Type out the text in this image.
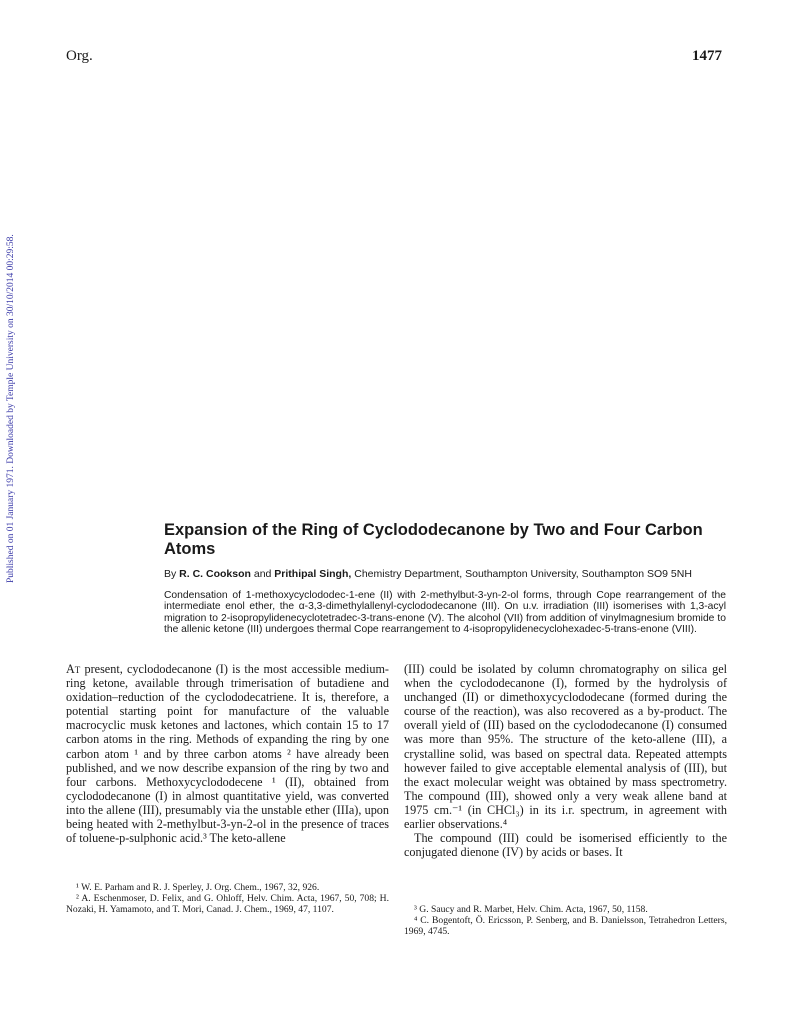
Org.	1477
Published on 01 January 1971. Downloaded by Temple University on 30/10/2014 00:29:58.	Expansion of the Ring of Cyclododecanone by Two and Four Carbon Atoms
By R. C. Cookson and Prithipal Singh, Chemistry Department, Southampton University, Southampton SO9 5NH
Condensation of 1-methoxycyclododec-1-ene (II) with 2-methylbut-3-yn-2-ol forms, through Cope rearrangement of the intermediate enol ether, the α-3,3-dimethylallenyl-cyclododecanone (III). On u.v. irradiation (III) isomerises with 1,3-acyl migration to 2-isopropylidenecyclotetradec-3-trans-enone (V). The alcohol (VII) from addition of vinylmagnesium bromide to the allenic ketone (III) undergoes thermal Cope rearrangement to 4-isopropylidenecyclohexadec-5-trans-enone (VIII).

At present, cyclododecanone (I) is the most accessible medium-ring ketone, available through trimerisation of butadiene and oxidation–reduction of the cyclododecatriene. It is, therefore, a potential starting point for manufacture of the valuable macrocyclic musk ketones and lactones, which contain 15 to 17 carbon atoms in the ring. Methods of expanding the ring by one carbon atom ¹ and by three carbon atoms ² have already been published, and we now describe expansion of the ring by two and four carbons. Methoxycyclododecene ¹ (II), obtained from cyclododecanone (I) in almost quantitative yield, was converted into the allene (III), presumably via the unstable ether (IIIa), upon being heated with 2-methylbut-3-yn-2-ol in the presence of traces of toluene-p-sulphonic acid.³ The keto-allene

(III) could be isolated by column chromatography on silica gel when the cyclododecanone (I), formed by the hydrolysis of unchanged (II) or dimethoxycyclododecane (formed during the course of the reaction), was also recovered as a by-product. The overall yield of (III) based on the cyclododecanone (I) consumed was more than 95%. The structure of the keto-allene (III), a crystalline solid, was based on spectral data. Repeated attempts however failed to give acceptable elemental analysis of (III), but the exact molecular weight was obtained by mass spectrometry. The compound (III), showed only a very weak allene band at 1975 cm.⁻¹ (in CHCl₃) in its i.r. spectrum, in agreement with earlier observations.⁴

The compound (III) could be isomerised efficiently to the conjugated dienone (IV) by acids or bases. It

¹ W. E. Parham and R. J. Sperley, J. Org. Chem., 1967, 32, 926.

² A. Eschenmoser, D. Felix, and G. Ohloff, Helv. Chim. Acta, 1967, 50, 708; H. Nozaki, H. Yamamoto, and T. Mori, Canad. J. Chem., 1969, 47, 1107.	³ G. Saucy and R. Marbet, Helv. Chim. Acta, 1967, 50, 1158.

⁴ C. Bogentoft, Ö. Ericsson, P. Senberg, and B. Danielsson, Tetrahedron Letters, 1969, 4745.
